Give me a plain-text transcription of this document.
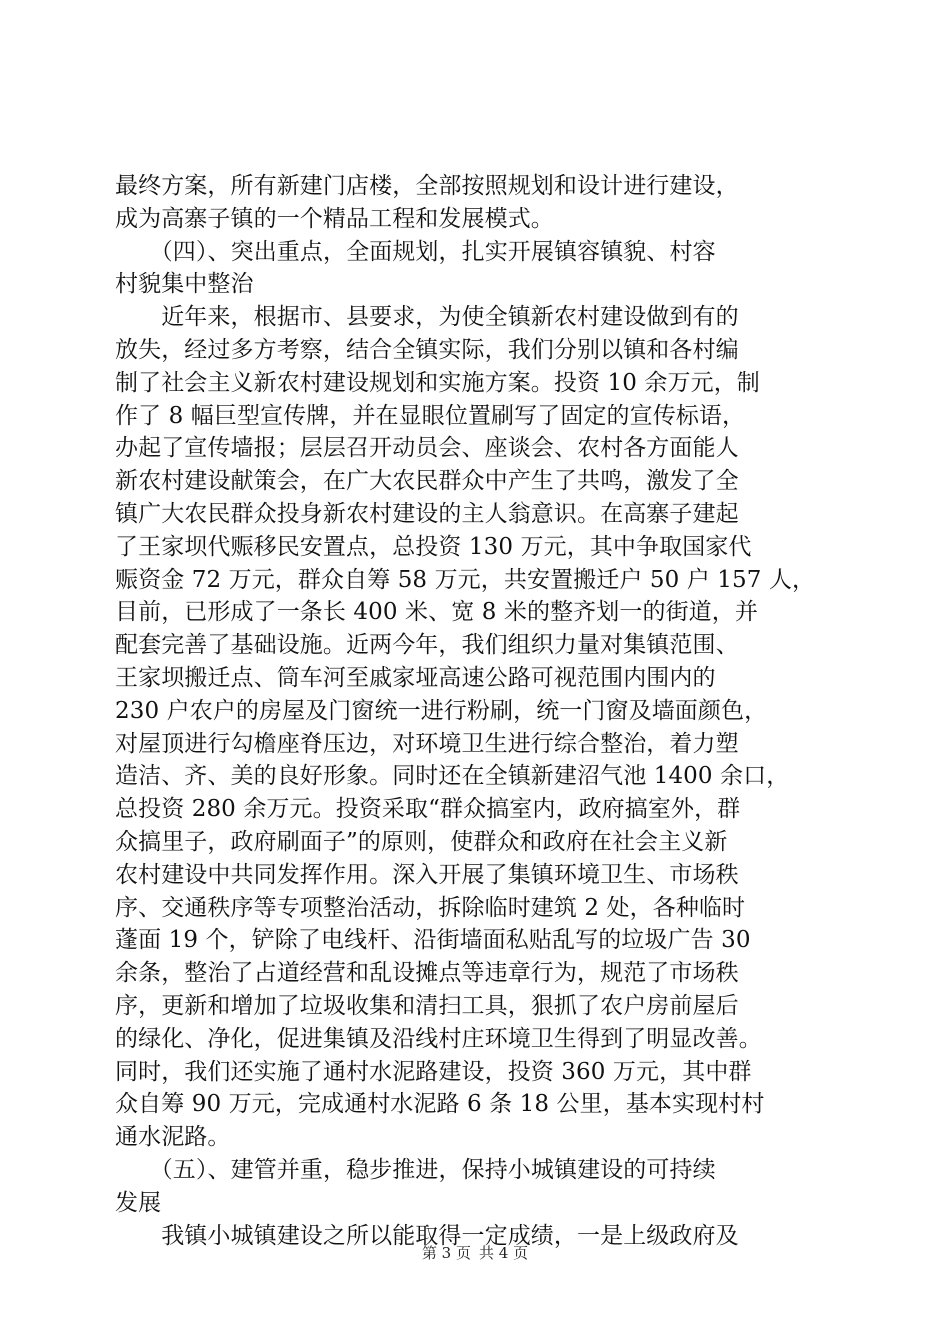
最终方案，所有新建门店楼，全部按照规划和设计进行建设，
成为高寨子镇的一个精品工程和发展模式。
　　（四）、突出重点，全面规划，扎实开展镇容镇貌、村容
村貌集中整治
　　近年来，根据市、县要求，为使全镇新农村建设做到有的
放失，经过多方考察，结合全镇实际，我们分别以镇和各村编
制了社会主义新农村建设规划和实施方案。投资 10 余万元，制
作了 8 幅巨型宣传牌，并在显眼位置刷写了固定的宣传标语，
办起了宣传墙报；层层召开动员会、座谈会、农村各方面能人
新农村建设献策会，在广大农民群众中产生了共鸣，激发了全
镇广大农民群众投身新农村建设的主人翁意识。在高寨子建起
了王家坝代赈移民安置点，总投资 130 万元，其中争取国家代
赈资金 72 万元，群众自筹 58 万元，共安置搬迁户 50 户 157 人，
目前，已形成了一条长 400 米、宽 8 米的整齐划一的街道，并
配套完善了基础设施。近两今年，我们组织力量对集镇范围、
王家坝搬迁点、筒车河至戚家垭高速公路可视范围内围内的
230 户农户的房屋及门窗统一进行粉刷，统一门窗及墙面颜色，
对屋顶进行勾檐座脊压边，对环境卫生进行综合整治，着力塑
造洁、齐、美的良好形象。同时还在全镇新建沼气池 1400 余口，
总投资 280 余万元。投资采取“群众搞室内，政府搞室外，群
众搞里子，政府刷面子”的原则，使群众和政府在社会主义新
农村建设中共同发挥作用。深入开展了集镇环境卫生、市场秩
序、交通秩序等专项整治活动，拆除临时建筑 2 处，各种临时
蓬面 19 个，铲除了电线杆、沿街墙面私贴乱写的垃圾广告 30
余条，整治了占道经营和乱设摊点等违章行为，规范了市场秩
序，更新和增加了垃圾收集和清扫工具，狠抓了农户房前屋后
的绿化、净化，促进集镇及沿线村庄环境卫生得到了明显改善。
同时，我们还实施了通村水泥路建设，投资 360 万元，其中群
众自筹 90 万元，完成通村水泥路 6 条 18 公里，基本实现村村
通水泥路。
　　（五）、建管并重，稳步推进，保持小城镇建设的可持续
发展
　　我镇小城镇建设之所以能取得一定成绩，一是上级政府及
第 3 页 共 4 页
